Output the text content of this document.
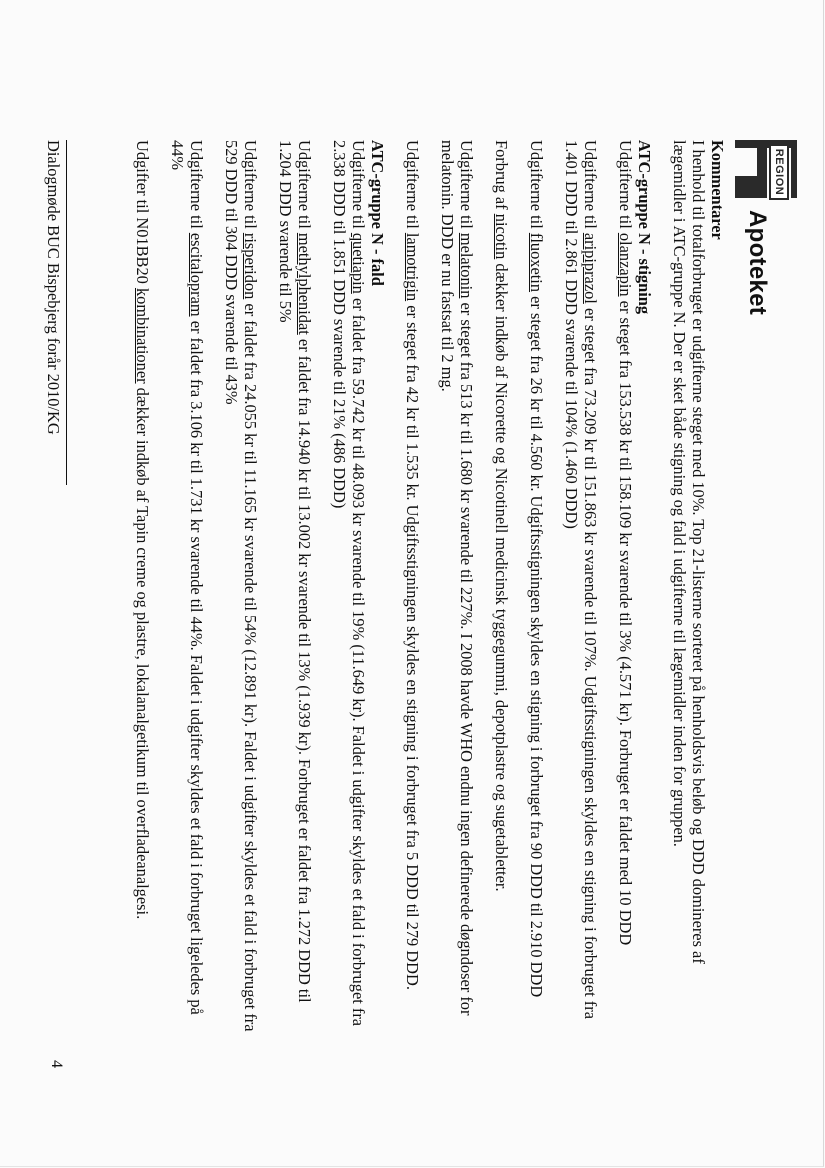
REGION
Apoteket

Kommentarer
I henhold til totalforbruget er udgifterne steget med 10%. Top 21-listerne sorteret på henholdsvis beløb og DDD domineres af lægemidler i ATC-gruppe N. Der er sket både stigning og fald i udgifterne til lægemidler inden for gruppen.

ATC-gruppe N - stigning
Udgifterne til olanzapin er steget fra 153.538 kr til 158.109 kr svarende til 3% (4.571 kr). Forbruget er faldet med 10 DDD

Udgifterne til aripiprazol er steget fra 73.209 kr til 151.863 kr svarende til 107%. Udgiftsstigningen skyldes en stigning i forbruget fra 1.401 DDD til 2.861 DDD svarende til 104% (1.460 DDD)

Udgifterne til fluoxetin er steget fra 26 kr til 4.560 kr. Udgiftsstigningen skyldes en stigning i forbruget fra 90 DDD til 2.910 DDD

Forbrug af nicotin dækker indkøb af Nicorette og Nicotinell medicinsk tyggegummi, depotplastre og sugetabletter.

Udgifterne til melatonin er steget fra 513 kr til 1.680 kr svarende til 227%. I 2008 havde WHO endnu ingen definerede døgndoser for melatonin. DDD er nu fastsat til 2 mg.

Udgifterne til lamotrigin er steget fra 42 kr til 1.535 kr. Udgiftsstigningen skyldes en stigning i forbruget fra 5 DDD til 279 DDD.

ATC-gruppe N - fald
Udgifterne til quetiapin er faldet fra 59.742 kr til 48.093 kr svarende til 19% (11.649 kr). Faldet i udgifter skyldes et fald i forbruget fra 2.338 DDD til 1.851 DDD svarende til 21% (486 DDD)

Udgifterne til methylphenidat er faldet fra 14.940 kr til 13.002 kr svarende til 13% (1.939 kr). Forbruget er faldet fra 1.272 DDD til 1.204 DDD svarende til 5%

Udgifterne til risperidon er faldet fra 24.055 kr til 11.165 kr svarende til 54% (12.891 kr). Faldet i udgifter skyldes et fald i forbruget fra 529 DDD til 304 DDD svarende til 43%

Udgifterne til escitalopram er faldet fra 3.106 kr til 1.731 kr svarende til 44%. Faldet i udgifter skyldes et fald i forbruget ligeledes på 44%

Udgifter til N01BB20 kombinationer dækker indkøb af Tapin creme og plastre, lokalanalgetikum til overfladeanalgesi.

Dialogmøde BUC Bispebjerg forår 2010/KG
4
